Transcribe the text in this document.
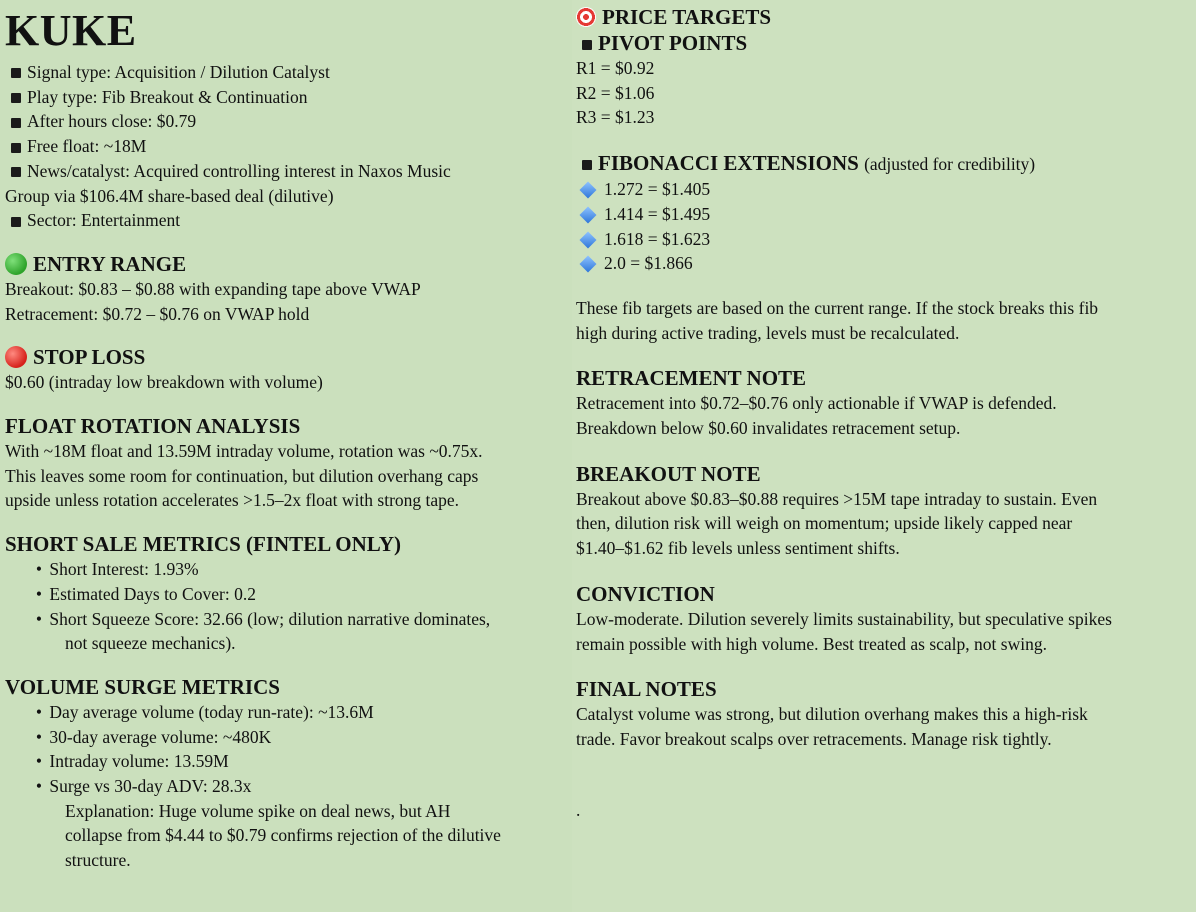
KUKE
Signal type: Acquisition / Dilution Catalyst
Play type: Fib Breakout & Continuation
After hours close: $0.79
Free float: ~18M
News/catalyst: Acquired controlling interest in Naxos Music
Group via $106.4M share-based deal (dilutive)
Sector: Entertainment
ENTRY RANGE
Breakout: $0.83 – $0.88 with expanding tape above VWAP
Retracement: $0.72 – $0.76 on VWAP hold
STOP LOSS
$0.60 (intraday low breakdown with volume)
FLOAT ROTATION ANALYSIS
With ~18M float and 13.59M intraday volume, rotation was ~0.75x.
This leaves some room for continuation, but dilution overhang caps
upside unless rotation accelerates >1.5–2x float with strong tape.
SHORT SALE METRICS (FINTEL ONLY)
• Short Interest: 1.93%
• Estimated Days to Cover: 0.2
• Short Squeeze Score: 32.66 (low; dilution narrative dominates,
not squeeze mechanics).
VOLUME SURGE METRICS
• Day average volume (today run-rate): ~13.6M
• 30-day average volume: ~480K
• Intraday volume: 13.59M
• Surge vs 30-day ADV: 28.3x
Explanation: Huge volume spike on deal news, but AH
collapse from $4.44 to $0.79 confirms rejection of the dilutive
structure.
PRICE TARGETS
PIVOT POINTS
R1 = $0.92
R2 = $1.06
R3 = $1.23
FIBONACCI EXTENSIONS (adjusted for credibility)
1.272 = $1.405
1.414 = $1.495
1.618 = $1.623
2.0 = $1.866
These fib targets are based on the current range. If the stock breaks this fib
high during active trading, levels must be recalculated.
RETRACEMENT NOTE
Retracement into $0.72–$0.76 only actionable if VWAP is defended.
Breakdown below $0.60 invalidates retracement setup.
BREAKOUT NOTE
Breakout above $0.83–$0.88 requires >15M tape intraday to sustain. Even
then, dilution risk will weigh on momentum; upside likely capped near
$1.40–$1.62 fib levels unless sentiment shifts.
CONVICTION
Low-moderate. Dilution severely limits sustainability, but speculative spikes
remain possible with high volume. Best treated as scalp, not swing.
FINAL NOTES
Catalyst volume was strong, but dilution overhang makes this a high-risk
trade. Favor breakout scalps over retracements. Manage risk tightly.
.
